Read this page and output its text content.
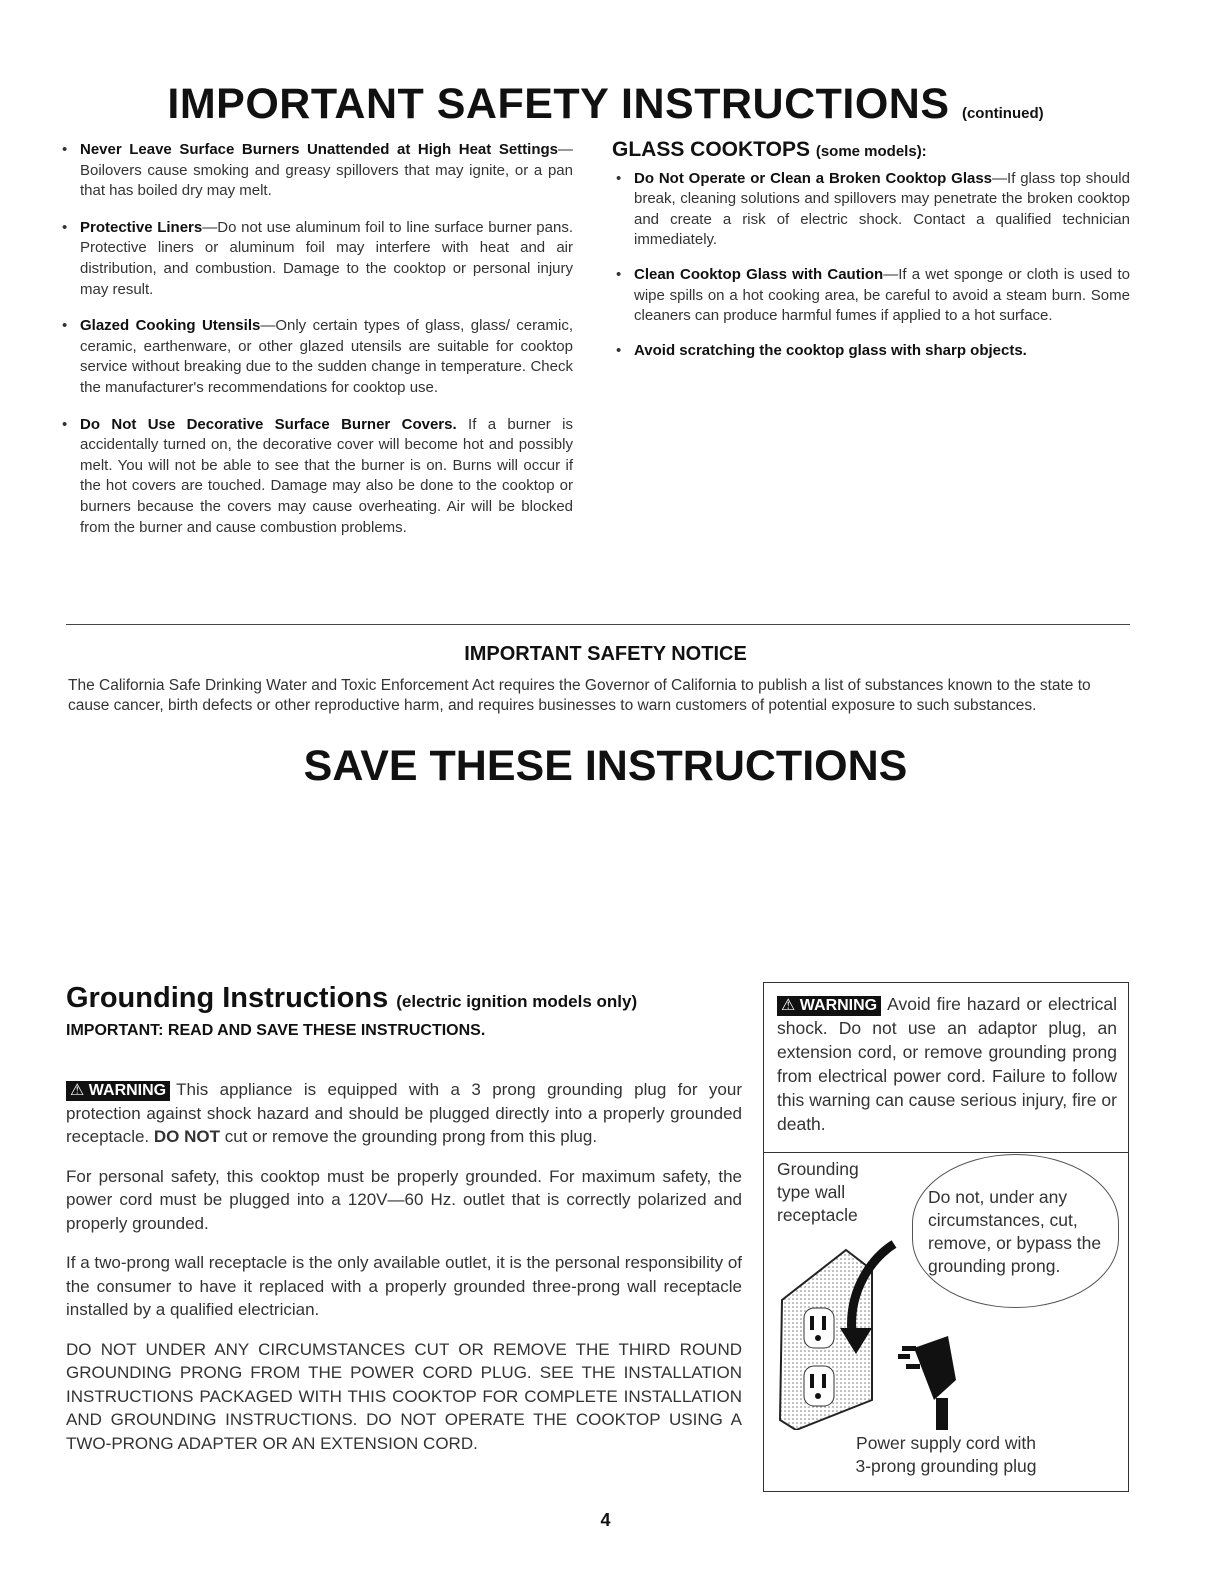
IMPORTANT SAFETY INSTRUCTIONS (continued)

• Never Leave Surface Burners Unattended at High Heat Settings—Boilovers cause smoking and greasy spillovers that may ignite, or a pan that has boiled dry may melt.

• Protective Liners—Do not use aluminum foil to line surface burner pans. Protective liners or aluminum foil may interfere with heat and air distribution, and combustion. Damage to the cooktop or personal injury may result.

• Glazed Cooking Utensils—Only certain types of glass, glass/ ceramic, ceramic, earthenware, or other glazed utensils are suitable for cooktop service without breaking due to the sudden change in temperature. Check the manufacturer's recommendations for cooktop use.

• Do Not Use Decorative Surface Burner Covers. If a burner is accidentally turned on, the decorative cover will become hot and possibly melt. You will not be able to see that the burner is on. Burns will occur if the hot covers are touched. Damage may also be done to the cooktop or burners because the covers may cause overheating. Air will be blocked from the burner and cause combustion problems.

GLASS COOKTOPS (some models):

• Do Not Operate or Clean a Broken Cooktop Glass—If glass top should break, cleaning solutions and spillovers may penetrate the broken cooktop and create a risk of electric shock. Contact a qualified technician immediately.

• Clean Cooktop Glass with Caution—If a wet sponge or cloth is used to wipe spills on a hot cooking area, be careful to avoid a steam burn. Some cleaners can produce harmful fumes if applied to a hot surface.

• Avoid scratching the cooktop glass with sharp objects.

IMPORTANT SAFETY NOTICE
The California Safe Drinking Water and Toxic Enforcement Act requires the Governor of California to publish a list of substances known to the state to cause cancer, birth defects or other reproductive harm, and requires businesses to warn customers of potential exposure to such substances.
SAVE THESE INSTRUCTIONS
Grounding Instructions (electric ignition models only)
IMPORTANT: READ AND SAVE THESE INSTRUCTIONS.

⚠ WARNING This appliance is equipped with a 3 prong grounding plug for your protection against shock hazard and should be plugged directly into a properly grounded receptacle. DO NOT cut or remove the grounding prong from this plug.

For personal safety, this cooktop must be properly grounded. For maximum safety, the power cord must be plugged into a 120V—60 Hz. outlet that is correctly polarized and properly grounded.

If a two-prong wall receptacle is the only available outlet, it is the personal responsibility of the consumer to have it replaced with a properly grounded three-prong wall receptacle installed by a qualified electrician.

DO NOT UNDER ANY CIRCUMSTANCES CUT OR REMOVE THE THIRD ROUND GROUNDING PRONG FROM THE POWER CORD PLUG. SEE THE INSTALLATION INSTRUCTIONS PACKAGED WITH THIS COOKTOP FOR COMPLETE INSTALLATION AND GROUNDING INSTRUCTIONS. DO NOT OPERATE THE COOKTOP USING A TWO-PRONG ADAPTER OR AN EXTENSION CORD.

⚠ WARNING Avoid fire hazard or electrical shock. Do not use an adaptor plug, an extension cord, or remove grounding prong from electrical power cord. Failure to follow this warning can cause serious injury, fire or death.
Grounding
type wall
receptacle
Do not, under any circumstances, cut, remove, or bypass the grounding prong.
Power supply cord with
3-prong grounding plug
4
